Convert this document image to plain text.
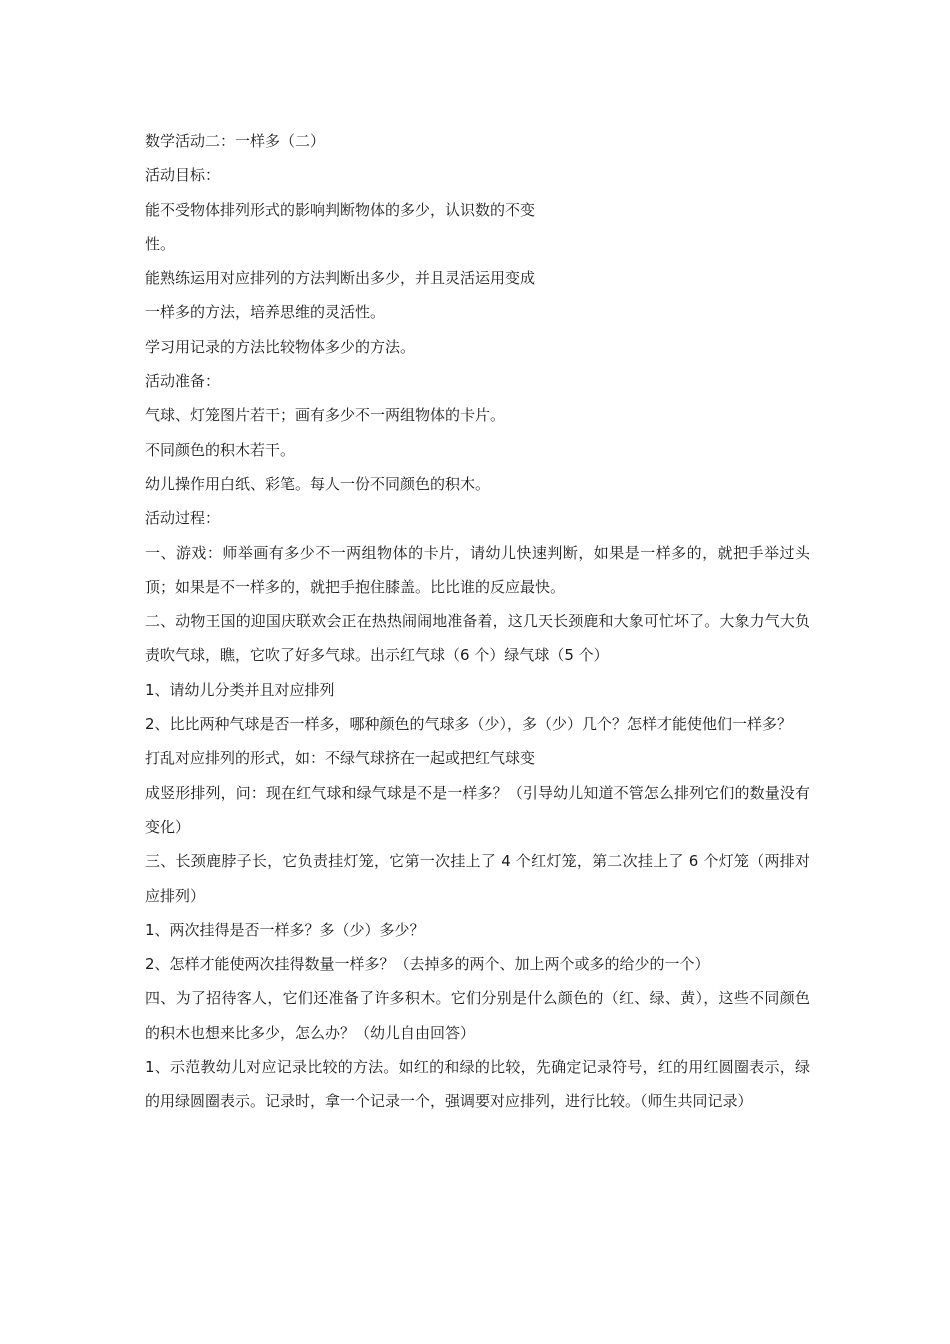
数学活动二：一样多（二）
活动目标：
能不受物体排列形式的影响判断物体的多少，认识数的不变
性。
能熟练运用对应排列的方法判断出多少，并且灵活运用变成
一样多的方法，培养思维的灵活性。
学习用记录的方法比较物体多少的方法。
活动准备：
气球、灯笼图片若干；画有多少不一两组物体的卡片。
不同颜色的积木若干。
幼儿操作用白纸、彩笔。每人一份不同颜色的积木。
活动过程：
一、游戏：师举画有多少不一两组物体的卡片，请幼儿快速判断，如果是一样多的，就把手举过头顶；如果是不一样多的，就把手抱住膝盖。比比谁的反应最快。
二、动物王国的迎国庆联欢会正在热热闹闹地准备着，这几天长颈鹿和大象可忙坏了。大象力气大负责吹气球，瞧，它吹了好多气球。出示红气球（6 个）绿气球（5 个）
1、请幼儿分类并且对应排列
2、比比两种气球是否一样多，哪种颜色的气球多（少），多（少）几个？怎样才能使他们一样多？
打乱对应排列的形式，如：不绿气球挤在一起或把红气球变
成竖形排列，问：现在红气球和绿气球是不是一样多？（引导幼儿知道不管怎么排列它们的数量没有变化）
三、长颈鹿脖子长，它负责挂灯笼，它第一次挂上了 4 个红灯笼，第二次挂上了 6 个灯笼（两排对应排列）
1、两次挂得是否一样多？多（少）多少？
2、怎样才能使两次挂得数量一样多？（去掉多的两个、加上两个或多的给少的一个）
四、为了招待客人，它们还准备了许多积木。它们分别是什么颜色的（红、绿、黄），这些不同颜色的积木也想来比多少，怎么办？（幼儿自由回答）
1、示范教幼儿对应记录比较的方法。如红的和绿的比较，先确定记录符号，红的用红圆圈表示，绿的用绿圆圈表示。记录时，拿一个记录一个，强调要对应排列，进行比较。（师生共同记录）
